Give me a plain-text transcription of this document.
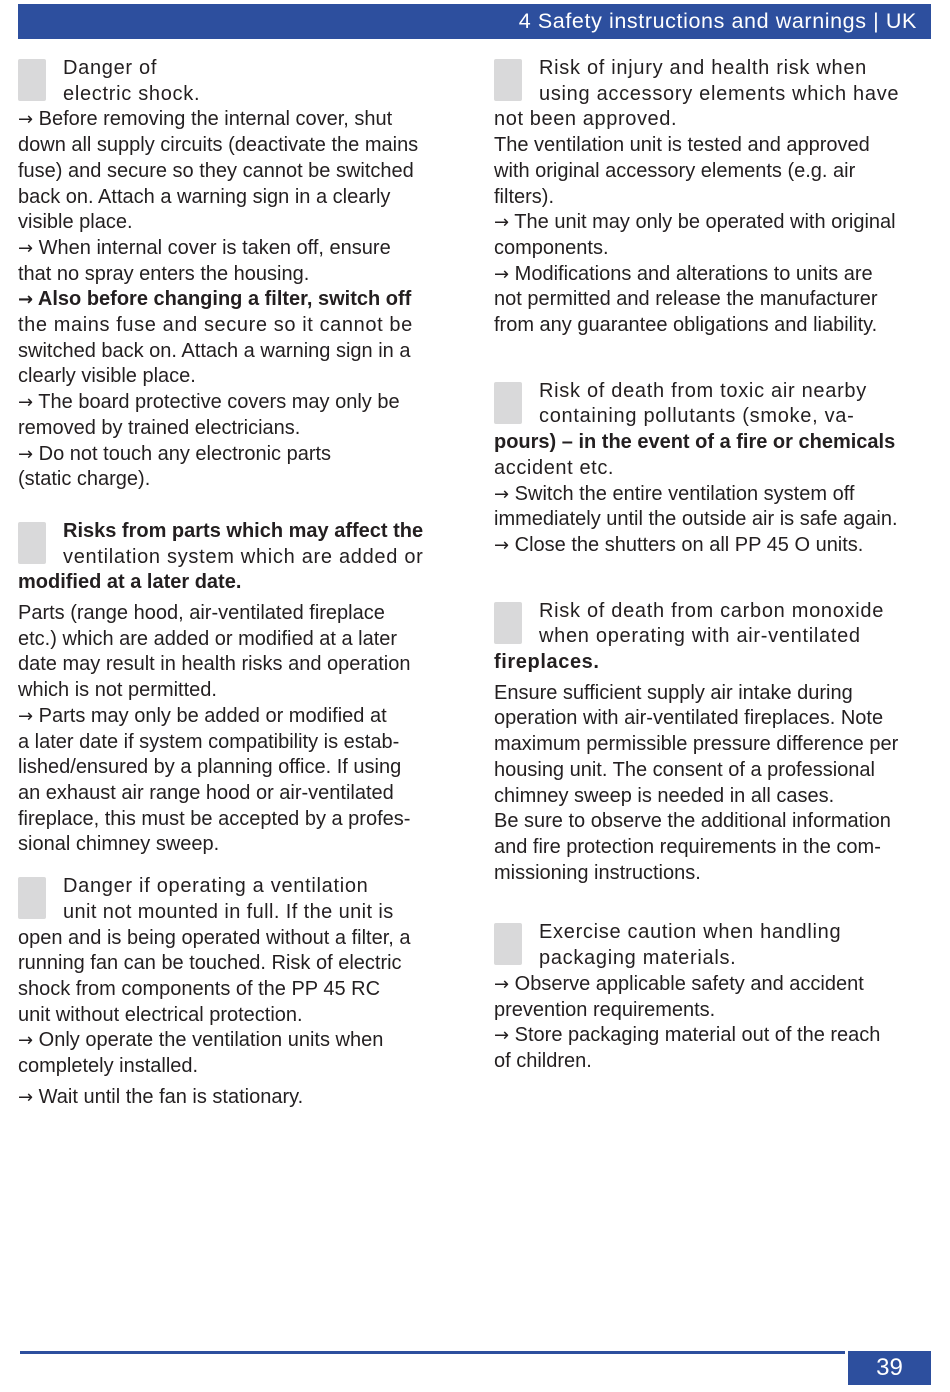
4 Safety instructions and warnings | UK
Danger of
electric shock.
→ Before removing the internal cover, shut
down all supply circuits (deactivate the mains
fuse) and secure so they cannot be switched
back on. Attach a warning sign in a clearly
visible place.
→ When internal cover is taken off, ensure
that no spray enters the housing.
→ Also before changing a filter, switch off
the mains fuse and secure so it cannot be
switched back on. Attach a warning sign in a
clearly visible place.
→ The board protective covers may only be
removed by trained electricians.
→ Do not touch any electronic parts
(static charge).
Risks from parts which may affect the
ventilation system which are added or
modified at a later date.
Parts (range hood, air-ventilated fireplace
etc.) which are added or modified at a later
date may result in health risks and operation
which is not permitted.
→ Parts may only be added or modified at
a later date if system compatibility is estab-
lished/ensured by a planning office. If using
an exhaust air range hood or air-ventilated
fireplace, this must be accepted by a profes-
sional chimney sweep.
Danger if operating a ventilation
unit not mounted in full. If the unit is
open and is being operated without a filter, a
running fan can be touched. Risk of electric
shock from components of the PP 45 RC
unit without electrical protection.
→ Only operate the ventilation units when
completely installed.
→ Wait until the fan is stationary.
Risk of injury and health risk when
using accessory elements which have
not been approved.
The ventilation unit is tested and approved
with original accessory elements (e.g. air
filters).
→ The unit may only be operated with original
components.
→ Modifications and alterations to units are
not permitted and release the manufacturer
from any guarantee obligations and liability.
Risk of death from toxic air nearby
containing pollutants (smoke, va-
pours) – in the event of a fire or chemicals
accident etc.
→ Switch the entire ventilation system off
immediately until the outside air is safe again.
→ Close the shutters on all PP 45 O units.
Risk of death from carbon monoxide
when operating with air-ventilated
fireplaces.
Ensure sufficient supply air intake during
operation with air-ventilated fireplaces. Note
maximum permissible pressure difference per
housing unit. The consent of a professional
chimney sweep is needed in all cases.
Be sure to observe the additional information
and fire protection requirements in the com-
missioning instructions.
Exercise caution when handling
packaging materials.
→ Observe applicable safety and accident
prevention requirements.
→ Store packaging material out of the reach
of children.
39
